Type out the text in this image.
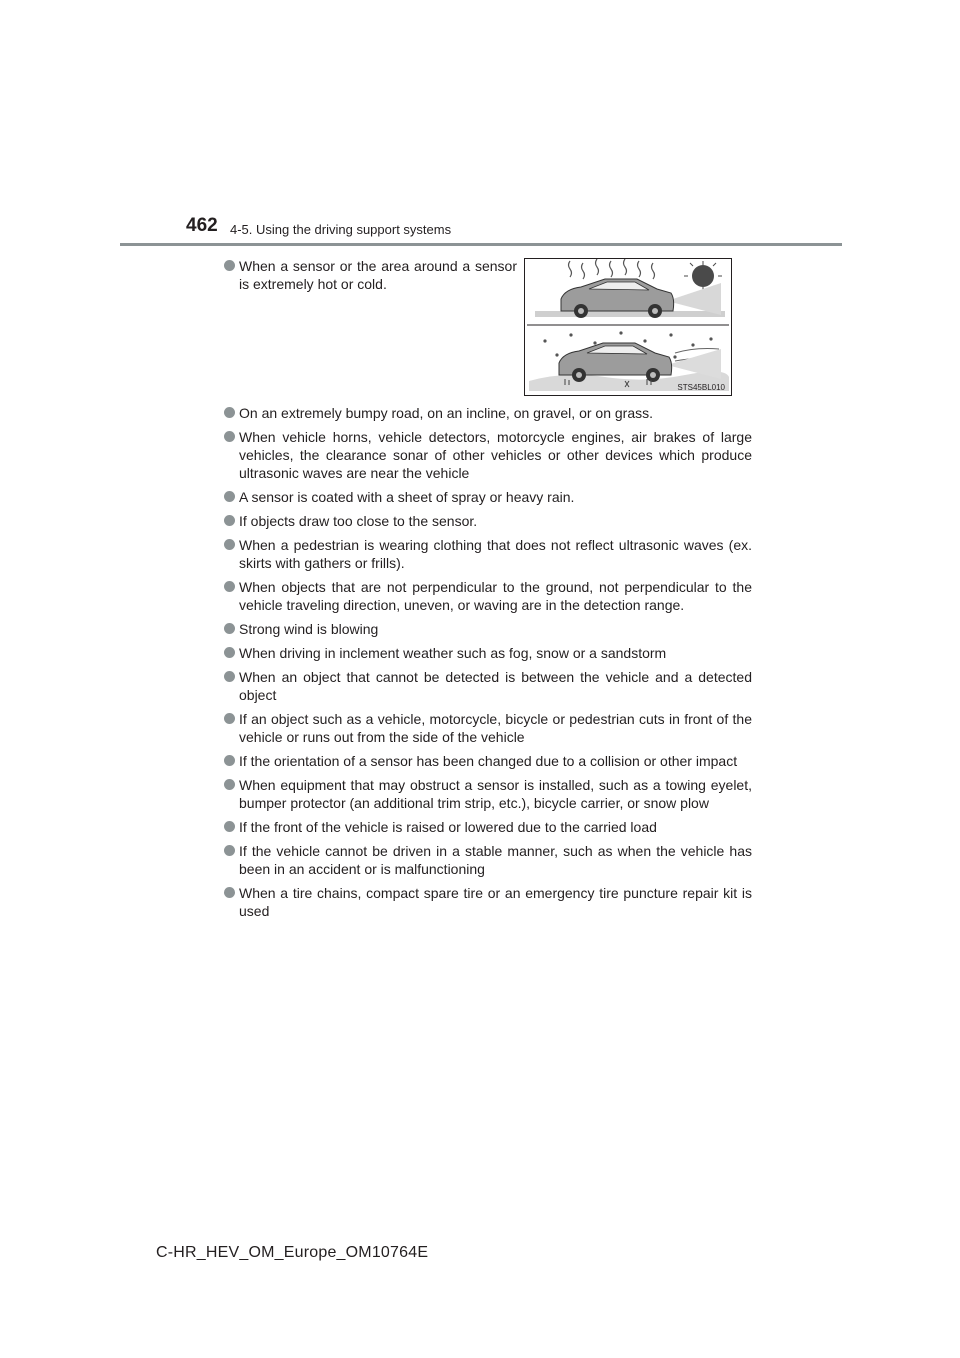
462 4-5. Using the driving support systems
When a sensor or the area around a sensor is extremely hot or cold.
STS45BL010
On an extremely bumpy road, on an incline, on gravel, or on grass.
When vehicle horns, vehicle detectors, motorcycle engines, air brakes of large vehicles, the clearance sonar of other vehicles or other devices which produce ultrasonic waves are near the vehicle
A sensor is coated with a sheet of spray or heavy rain.
If objects draw too close to the sensor.
When a pedestrian is wearing clothing that does not reflect ultrasonic waves (ex. skirts with gathers or frills).
When objects that are not perpendicular to the ground, not perpendicular to the vehicle traveling direction, uneven, or waving are in the detection range.
Strong wind is blowing
When driving in inclement weather such as fog, snow or a sandstorm
When an object that cannot be detected is between the vehicle and a detected object
If an object such as a vehicle, motorcycle, bicycle or pedestrian cuts in front of the vehicle or runs out from the side of the vehicle
If the orientation of a sensor has been changed due to a collision or other impact
When equipment that may obstruct a sensor is installed, such as a towing eyelet, bumper protector (an additional trim strip, etc.), bicycle carrier, or snow plow
If the front of the vehicle is raised or lowered due to the carried load
If the vehicle cannot be driven in a stable manner, such as when the vehicle has been in an accident or is malfunctioning
When a tire chains, compact spare tire or an emergency tire puncture repair kit is used
C-HR_HEV_OM_Europe_OM10764E
